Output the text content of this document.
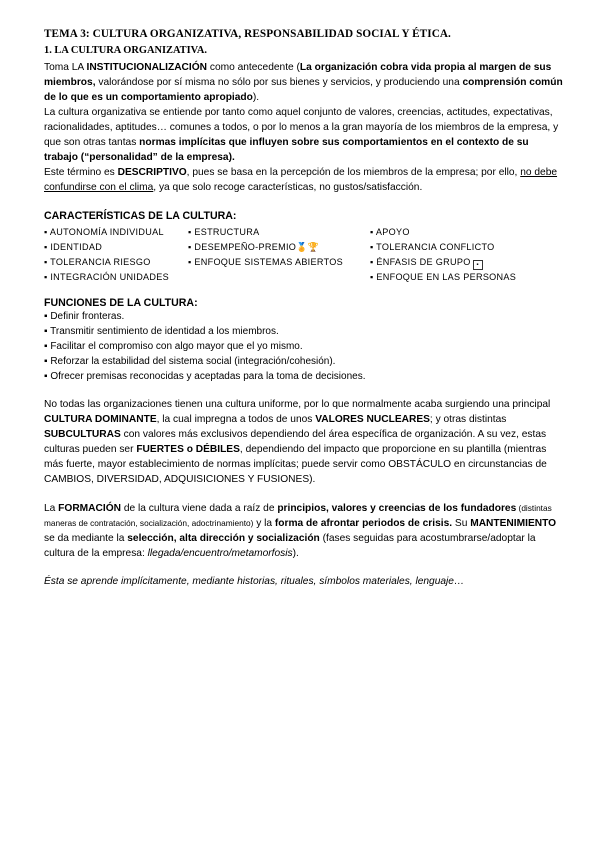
TEMA 3: CULTURA ORGANIZATIVA, RESPONSABILIDAD SOCIAL Y ÉTICA.
1. LA CULTURA ORGANIZATIVA.

Toma LA INSTITUCIONALIZACIÓN como antecedente (La organización cobra vida propia al margen de sus miembros, valorándose por sí misma no sólo por sus bienes y servicios, y produciendo una comprensión común de lo que es un comportamiento apropiado).

La cultura organizativa se entiende por tanto como aquel conjunto de valores, creencias, actitudes, expectativas, racionalidades, aptitudes… comunes a todos, o por lo menos a la gran mayoría de los miembros de la empresa, y que son otras tantas normas implícitas que influyen sobre sus comportamientos en el contexto de su trabajo (“personalidad” de la empresa).

Este término es DESCRIPTIVO, pues se basa en la percepción de los miembros de la empresa; por ello, no debe confundirse con el clima, ya que solo recoge características, no gustos/satisfacción.

CARACTERÍSTICAS DE LA CULTURA:
▪ AUTONOMÍA INDIVIDUAL
▪ IDENTIDAD
▪ TOLERANCIA RIESGO
▪ INTEGRACIÓN UNIDADES
▪ ESTRUCTURA
▪ DESEMPEÑO-PREMIO🏅🏆
▪ ENFOQUE SISTEMAS ABIERTOS
▪ APOYO
▪ TOLERANCIA CONFLICTO
▪ ÉNFASIS DE GRUPO ▪
▪ ENFOQUE EN LAS PERSONAS
FUNCIONES DE LA CULTURA:
▪ Definir fronteras.
▪ Transmitir sentimiento de identidad a los miembros.
▪ Facilitar el compromiso con algo mayor que el yo mismo.
▪ Reforzar la estabilidad del sistema social (integración/cohesión).
▪ Ofrecer premisas reconocidas y aceptadas para la toma de decisiones.

No todas las organizaciones tienen una cultura uniforme, por lo que normalmente acaba surgiendo una principal CULTURA DOMINANTE, la cual impregna a todos de unos VALORES NUCLEARES; y otras distintas SUBCULTURAS con valores más exclusivos dependiendo del área específica de organización. A su vez, estas culturas pueden ser FUERTES o DÉBILES, dependiendo del impacto que proporcione en su plantilla (mientras más fuerte, mayor establecimiento de normas implícitas; puede servir como OBSTÁCULO en circunstancias de CAMBIOS, DIVERSIDAD, ADQUISICIONES Y FUSIONES).

La FORMACIÓN de la cultura viene dada a raíz de principios, valores y creencias de los fundadores (distintas maneras de contratación, socialización, adoctrinamiento) y la forma de afrontar periodos de crisis. Su MANTENIMIENTO se da mediante la selección, alta dirección y socialización (fases seguidas para acostumbrarse/adoptar la cultura de la empresa: llegada/encuentro/metamorfosis).

Ésta se aprende implícitamente, mediante historias, rituales, símbolos materiales, lenguaje…
